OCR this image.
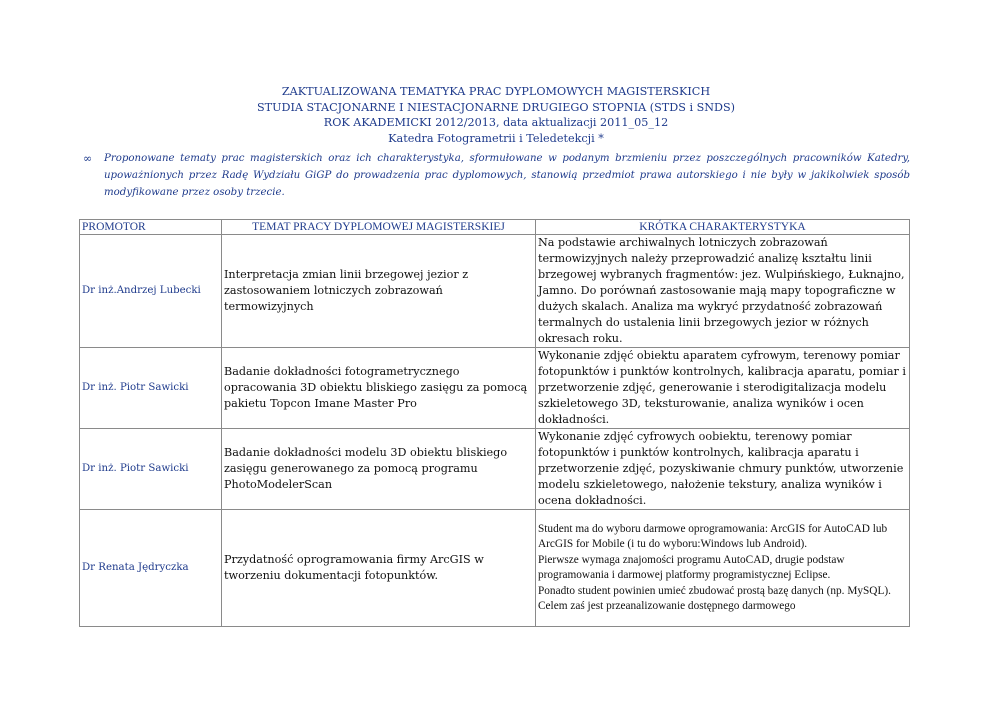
ZAKTUALIZOWANA TEMATYKA PRAC DYPLOMOWYCH MAGISTERSKICH
STUDIA STACJONARNE I NIESTACJONARNE DRUGIEGO STOPNIA (STDS i SNDS)
ROK AKADEMICKI 2012/2013, data aktualizacji 2011_05_12
Katedra Fotogrametrii i Teledetekcji *
∞ Proponowane tematy prac magisterskich oraz ich charakterystyka, sformułowane w podanym brzmieniu przez poszczególnych pracowników Katedry, upoważnionych przez Radę Wydziału GiGP do prowadzenia prac dyplomowych, stanowią przedmiot prawa autorskiego i nie były w jakikolwiek sposób modyfikowane przez osoby trzecie.
PROMOTOR	TEMAT PRACY DYPLOMOWEJ MAGISTERSKIEJ	KRÓTKA CHARAKTERYSTYKA
Dr inż.Andrzej Lubecki	Interpretacja zmian linii brzegowej jezior z zastosowaniem lotniczych zobrazowań termowizyjnych	Na podstawie archiwalnych lotniczych zobrazowań termowizyjnych należy przeprowadzić analizę kształtu linii brzegowej wybranych fragmentów: jez. Wulpińskiego, Łuknajno, Jamno. Do porównań zastosowanie mają mapy topograficzne w dużych skalach. Analiza ma wykryć przydatność zobrazowań termalnych do ustalenia linii brzegowych jezior w różnych okresach roku.
Dr inż. Piotr Sawicki	Badanie dokładności fotogrametrycznego opracowania 3D obiektu bliskiego zasięgu za pomocą pakietu Topcon Imane Master Pro	Wykonanie zdjęć obiektu aparatem cyfrowym, terenowy pomiar fotopunktów i punktów kontrolnych, kalibracja aparatu, pomiar i przetworzenie zdjęć, generowanie i sterodigitalizacja modelu szkieletowego 3D, teksturowanie, analiza wyników i ocen dokładności.
Dr inż. Piotr Sawicki	Badanie dokładności modelu 3D obiektu bliskiego zasięgu generowanego za pomocą programu PhotoModelerScan	Wykonanie zdjęć cyfrowych oobiektu, terenowy pomiar fotopunktów i punktów kontrolnych, kalibracja aparatu i przetworzenie zdjęć, pozyskiwanie chmury punktów, utworzenie modelu szkieletowego, nałożenie tekstury, analiza wyników i ocena dokładności.
Dr Renata Jędryczka	Przydatność oprogramowania firmy ArcGIS w tworzeniu dokumentacji fotopunktów.	Student ma do wyboru darmowe oprogramowania: ArcGIS for AutoCAD lub ArcGIS for Mobile (i tu do wyboru:Windows lub Android).
Pierwsze wymaga znajomości programu AutoCAD, drugie podstaw programowania i darmowej platformy programistycznej Eclipse.
Ponadto student powinien umieć zbudować prostą bazę danych (np. MySQL).
Celem zaś jest przeanalizowanie dostępnego darmowego
